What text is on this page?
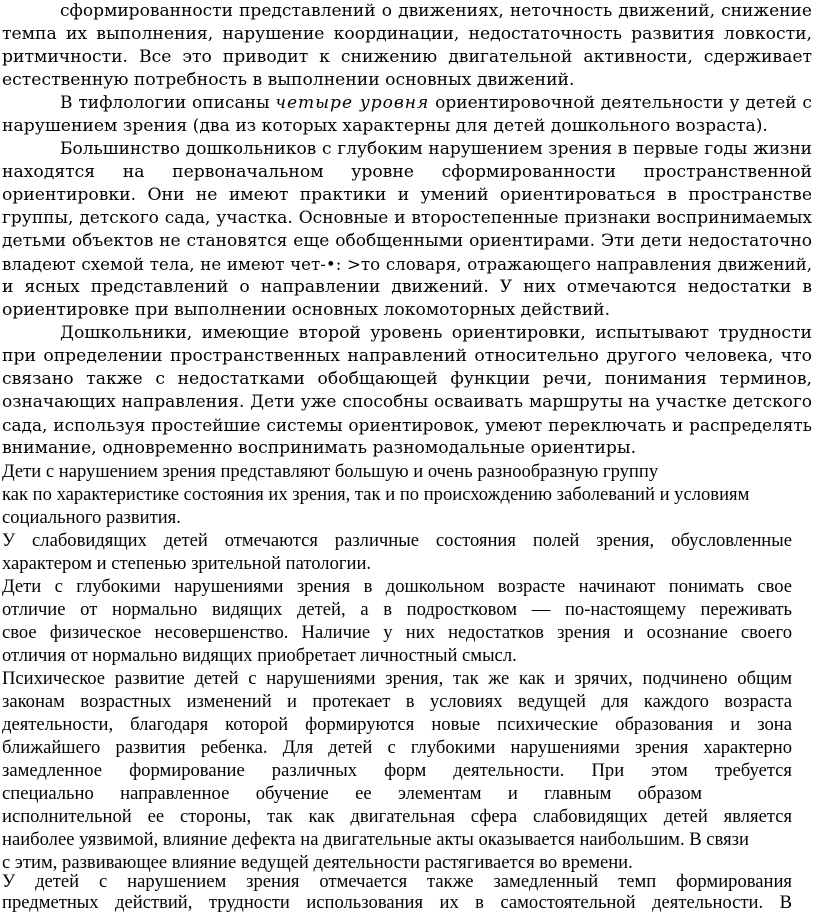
сформированности представлений о движениях, неточность движений, снижение
темпа их выполнения, нарушение координации, недостаточность развития ловкости,
ритмичности. Все это приводит к снижению двигательной активности, сдерживает
естественную потребность в выполнении основных движений.
В тифлологии описаны четыре уровня ориентировочной деятельности у детей с
нарушением зрения (два из которых характерны для детей дошкольного возраста).
Большинство дошкольников с глубоким нарушением зрения в первые годы жизни
находятся на первоначальном уровне сформированности пространственной
ориентировки. Они не имеют практики и умений ориентироваться в пространстве
группы, детского сада, участка. Основные и второстепенные признаки воспринимаемых
детьми объектов не становятся еще обобщенными ориентирами. Эти дети недостаточно
владеют схемой тела, не имеют чет-•: >то словаря, отражающего направления движений,
и ясных представлений о направлении движений. У них отмечаются недостатки в
ориентировке при выполнении основных локомоторных действий.
Дошкольники, имеющие второй уровень ориентировки, испытывают трудности
при определении пространственных направлений относительно другого человека, что
связано также с недостатками обобщающей функции речи, понимания терминов,
означающих направления. Дети уже способны осваивать маршруты на участке детского
сада, используя простейшие системы ориентировок, умеют переключать и распределять
внимание, одновременно воспринимать разномодальные ориентиры.
Дети с нарушением зрения представляют большую и очень разнообразную группу
как по характеристике состояния их зрения, так и по происхождению заболеваний и условиям
социального развития.
У слабовидящих детей отмечаются различные состояния полей зрения, обусловленные
характером и степенью зрительной патологии.
Дети с глубокими нарушениями зрения в дошкольном возрасте начинают понимать свое
отличие от нормально видящих детей, а в подростковом — по-настоящему переживать
свое физическое несовершенство. Наличие у них недостатков зрения и осознание своего
отличия от нормально видящих приобретает личностный смысл.
Психическое развитие детей с нарушениями зрения, так же как и зрячих, подчинено общим
законам возрастных изменений и протекает в условиях ведущей для каждого возраста
деятельности, благодаря которой формируются новые психические образования и зона
ближайшего развития ребенка. Для детей с глубокими нарушениями зрения характерно
замедленное формирование различных форм деятельности. При этом требуется
специально направленное обучение ее элементам и главным образом
исполнительной ее стороны, так как двигательная сфера слабовидящих детей является
наиболее уязвимой, влияние дефекта на двигательные акты оказывается наибольшим. В связи
с этим, развивающее влияние ведущей деятельности растягивается во времени.
У детей с нарушением зрения отмечается также замедленный темп формирования
предметных действий, трудности использования их в самостоятельной деятельности. В
